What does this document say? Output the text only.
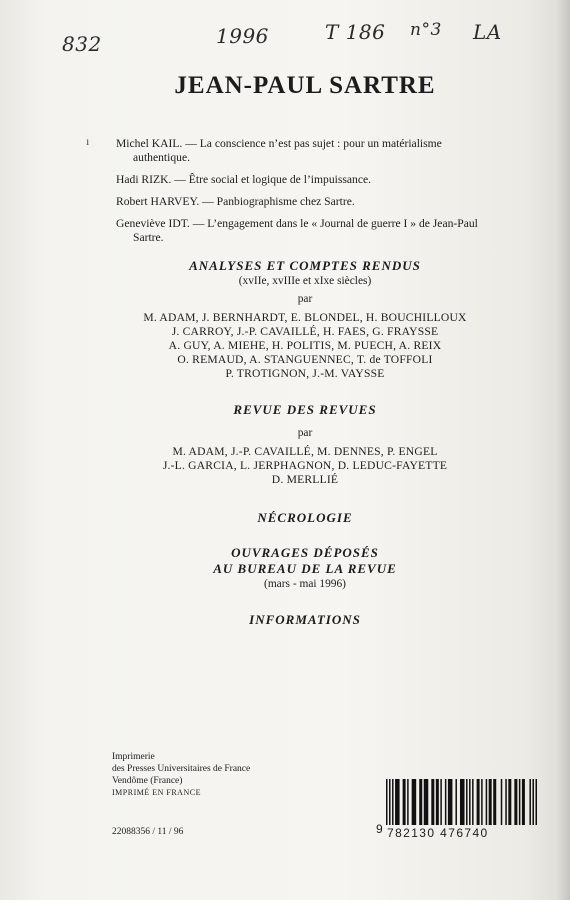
832	1996	T 186 n°3 LA
JEAN-PAUL SARTRE
ı Michel KAIL. — La conscience n’est pas sujet : pour un matérialisme authentique.
Hadi RIZK. — Être social et logique de l’impuissance.
Robert HARVEY. — Panbiographisme chez Sartre.
Geneviève IDT. — L’engagement dans le « Journal de guerre I » de Jean-Paul Sartre.
ANALYSES ET COMPTES RENDUS
(xvIIe, xvIIIe et xIxe siècles)
par
M. ADAM, J. BERNHARDT, E. BLONDEL, H. BOUCHILLOUX
J. CARROY, J.-P. CAVAILLÉ, H. FAES, G. FRAYSSE
A. GUY, A. MIEHE, H. POLITIS, M. PUECH, A. REIX
O. REMAUD, A. STANGUENNEC, T. de TOFFOLI
P. TROTIGNON, J.-M. VAYSSE
REVUE DES REVUES
par
M. ADAM, J.-P. CAVAILLÉ, M. DENNES, P. ENGEL
J.-L. GARCIA, L. JERPHAGNON, D. LEDUC-FAYETTE
D. MERLLIÉ
NÉCROLOGIE
OUVRAGES DÉPOSÉS
AU BUREAU DE LA REVUE
(mars - mai 1996)
INFORMATIONS
Imprimerie
des Presses Universitaires de France
Vendôme (France)
IMPRIMÉ EN FRANCE
22088356 / 11 / 96	9 782130 476740
